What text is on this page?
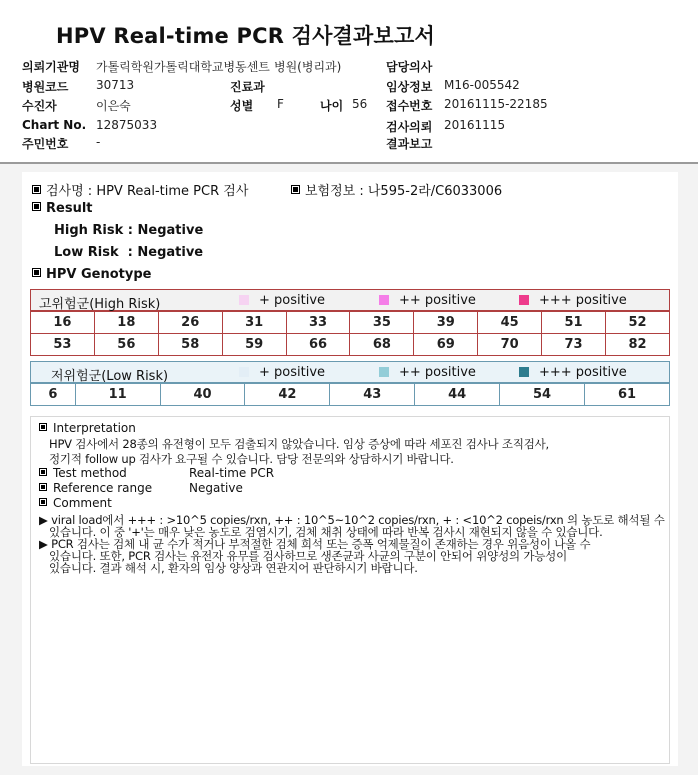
HPV Real-time PCR 검사결과보고서
의뢰기관명 가톨릭학원가톨릭대학교병동센트 병원(병리과)	담당의사
병원코드 30713	진료과	임상정보 M16-005542
수진자	이은숙	성별 F	나이 56 접수번호 20161115-22185
Chart No. 12875033	검사의뢰 20161115
주민번호 -	결과보고
검사명 : HPV Real-time PCR 검사	보험정보 : 나595-2라/C6033006
Result
High Risk : Negative
Low Risk  : Negative
HPV Genotype
고위험군(High Risk)	+ positive	++ positive	+++ positive
16	18	26	31	33	35	39	45	51	52
53	56	58	59	66	68	69	70	73	82
저위험군(Low Risk)	+ positive	++ positive	+++ positive
6	11	40	42	43	44	54	61
Interpretation
HPV 검사에서 28종의 유전형이 모두 검출되지 않았습니다. 임상 증상에 따라 세포진 검사나 조직검사,
정기적 follow up 검사가 요구될 수 있습니다. 담당 전문의와 상담하시기 바랍니다.
Test method	Real-time PCR
Reference range	Negative
Comment
▶ viral load에서 +++ : >10^5 copies/rxn, ++ : 10^5~10^2 copies/rxn, + : <10^2 copeis/rxn 의 농도로 해석될 수
있습니다. 이 중 '+'는 매우 낮은 농도로 검염시기, 검체 채취 상태에 따라 반복 검사시 재현되지 않을 수 있습니다.
▶ PCR 검사는 검체 내 균 수가 적거나 부적절한 검체 희석 또는 증폭 억제물질이 존재하는 경우 위음성이 나올 수
있습니다. 또한, PCR 검사는 유전자 유무를 검사하므로 생존균과 사균의 구분이 안되어 위양성의 가능성이
있습니다. 결과 해석 시, 환자의 임상 양상과 연관지어 판단하시기 바랍니다.
